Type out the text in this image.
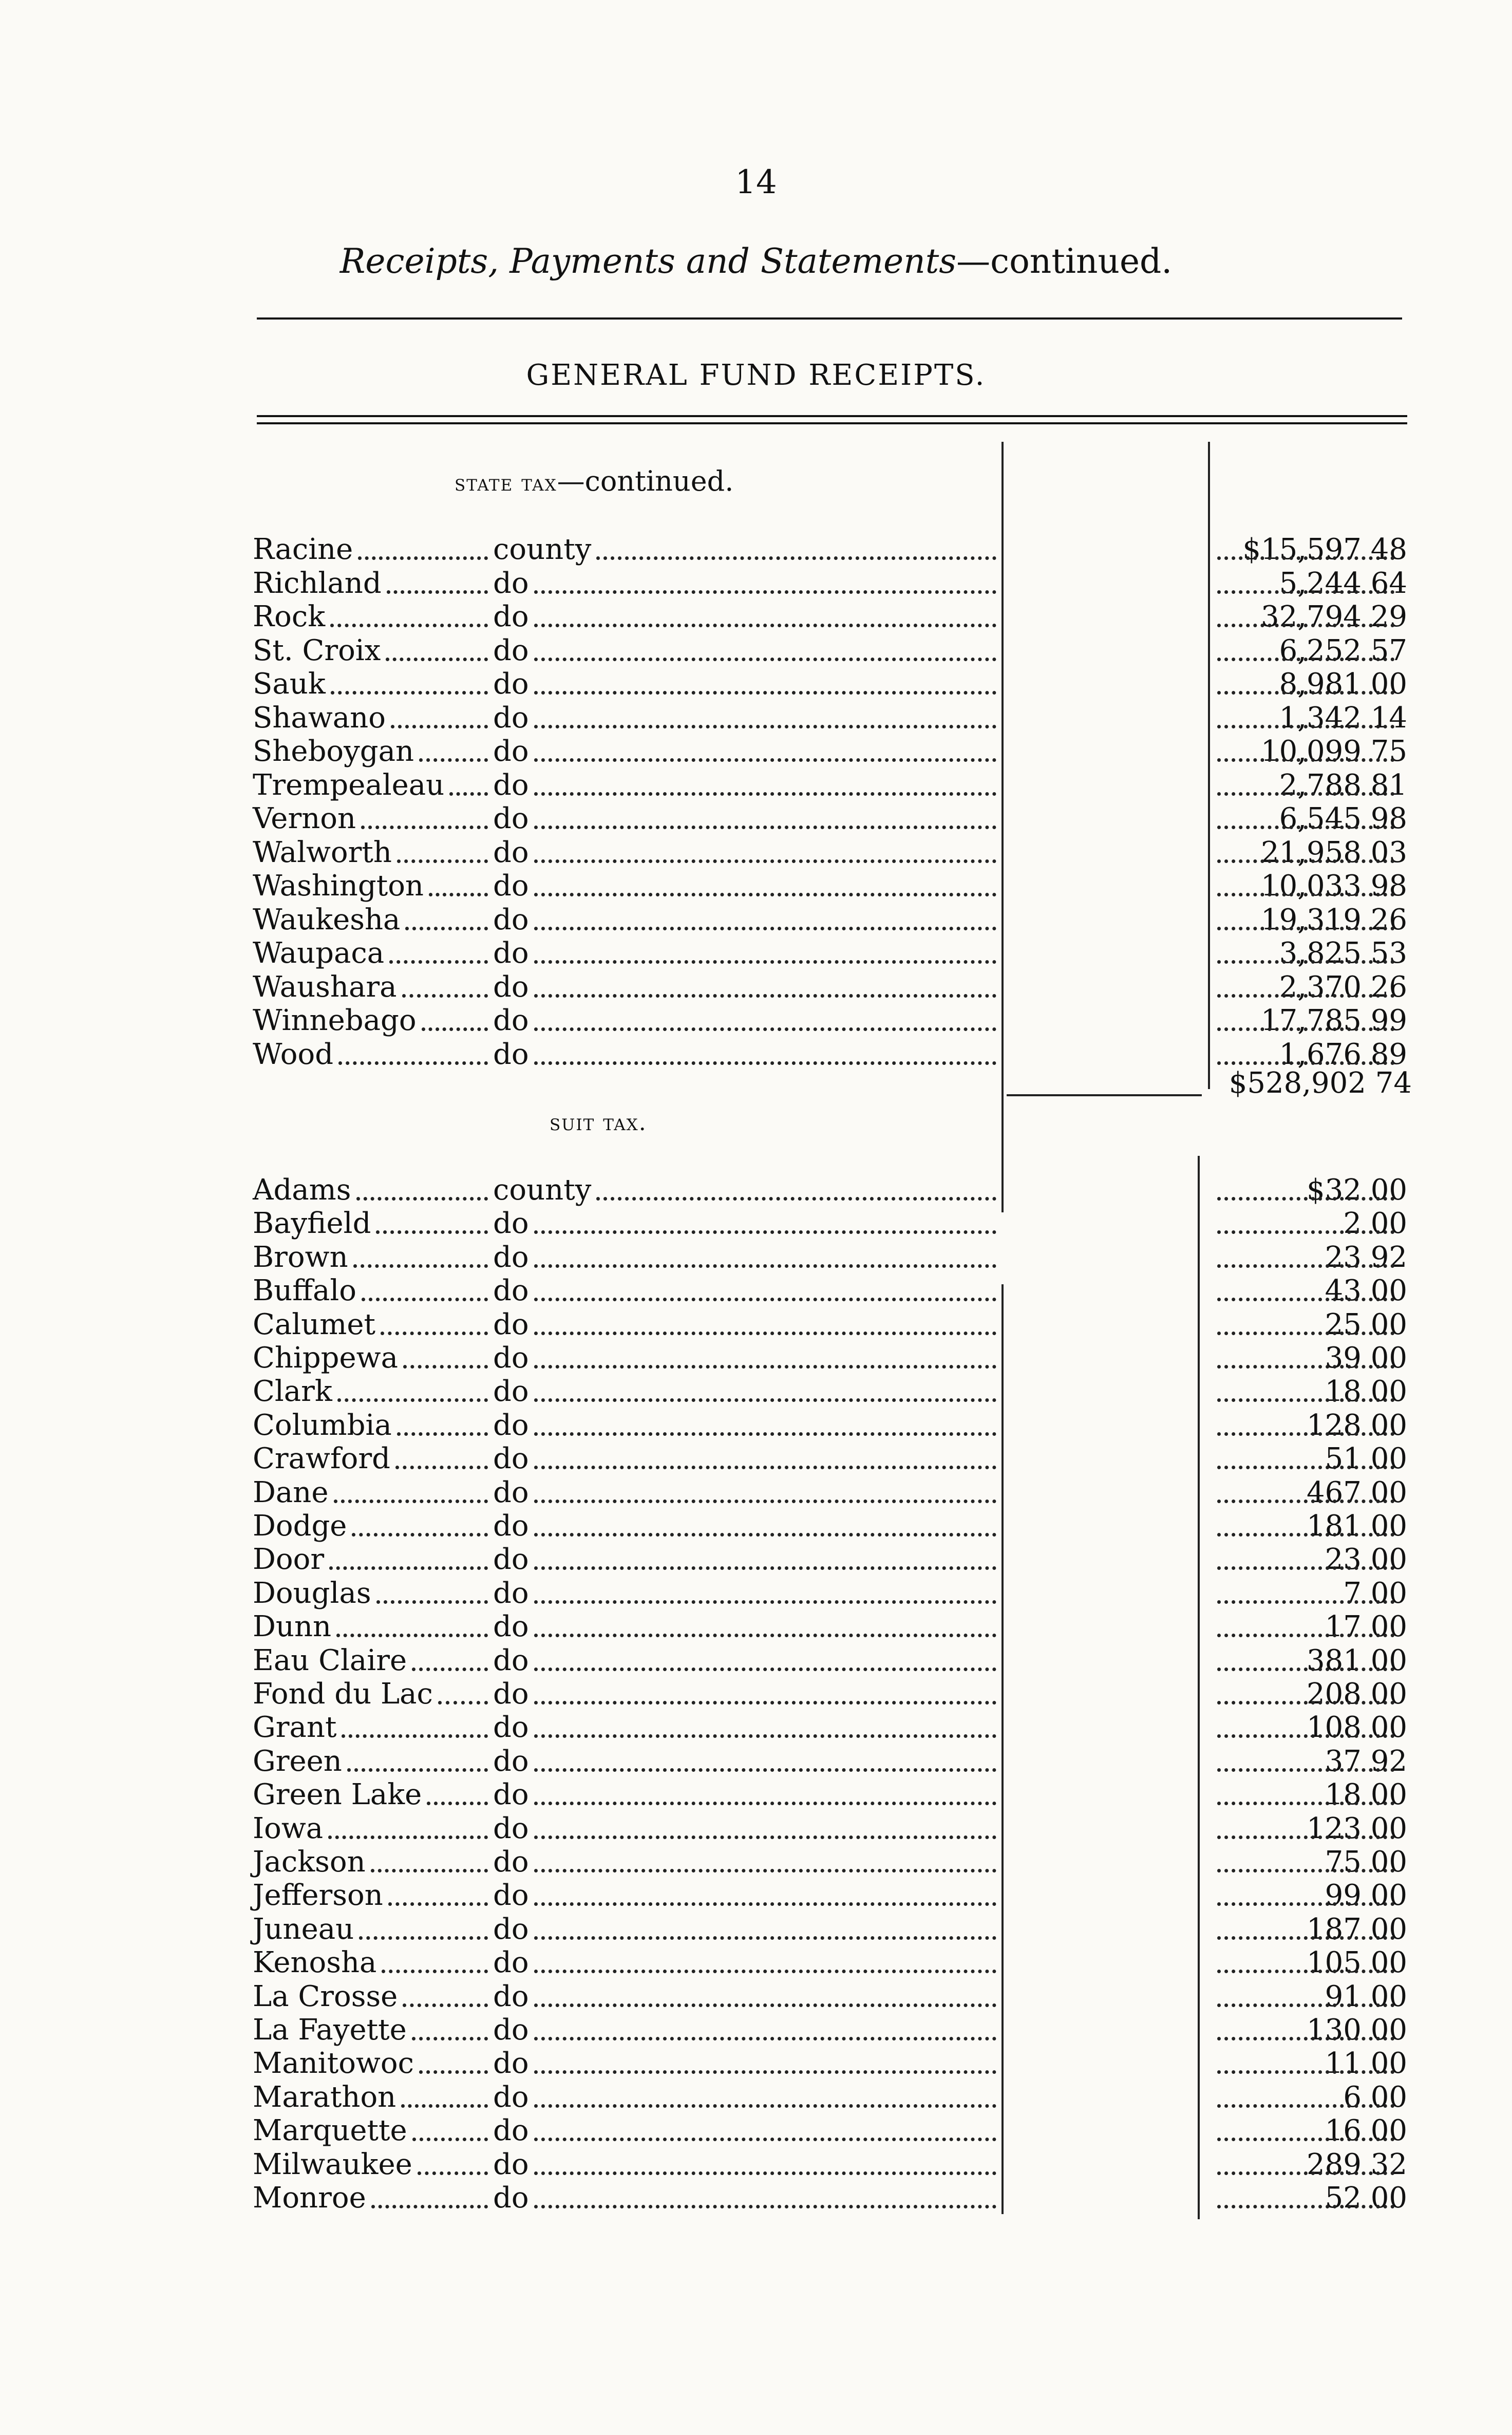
14
Receipts, Payments and Statements—continued.
GENERAL FUND RECEIPTS.
state tax—continued.
Racine	county	$15,597 48
Richland	do	5,244 64
Rock	do	32,794 29
St. Croix	do	6,252 57
Sauk	do	8,981 00
Shawano	do	1,342 14
Sheboygan	do	10,099 75
Trempealeau do	2,788 81
Vernon	do	6,545 98
Walworth	do	21,958 03
Washington do	10,033 98
Waukesha	do	19,319 26
Waupaca	do	3,825 53
Waushara	do	2,370 26
Winnebago	do	17,785 99
Wood	do	1,676 89
$528,902 74
suit tax.
Adams	county	$32 00
Bayfield	do	2 00
Brown	do	23 92
Buffalo	do	43 00
Calumet	do	25 00
Chippewa	do	39 00
Clark	do	18 00
Columbia	do	128 00
Crawford	do	51 00
Dane	do	467 00
Dodge	do	181 00
Door	do	23 00
Douglas	do	7 00
Dunn	do	17 00
Eau Claire	do	381 00
Fond du Lac do	208 00
Grant	do	108 00
Green	do	37 92
Green Lake do	18 00
Iowa	do	123 00
Jackson	do	75 00
Jefferson	do	99 00
Juneau	do	187 00
Kenosha	do	105 00
La Crosse	do	91 00
La Fayette	do	130 00
Manitowoc	do	11 00
Marathon	do	6 00
Marquette	do	16 00
Milwaukee	do	289 32
Monroe	do	52 00
